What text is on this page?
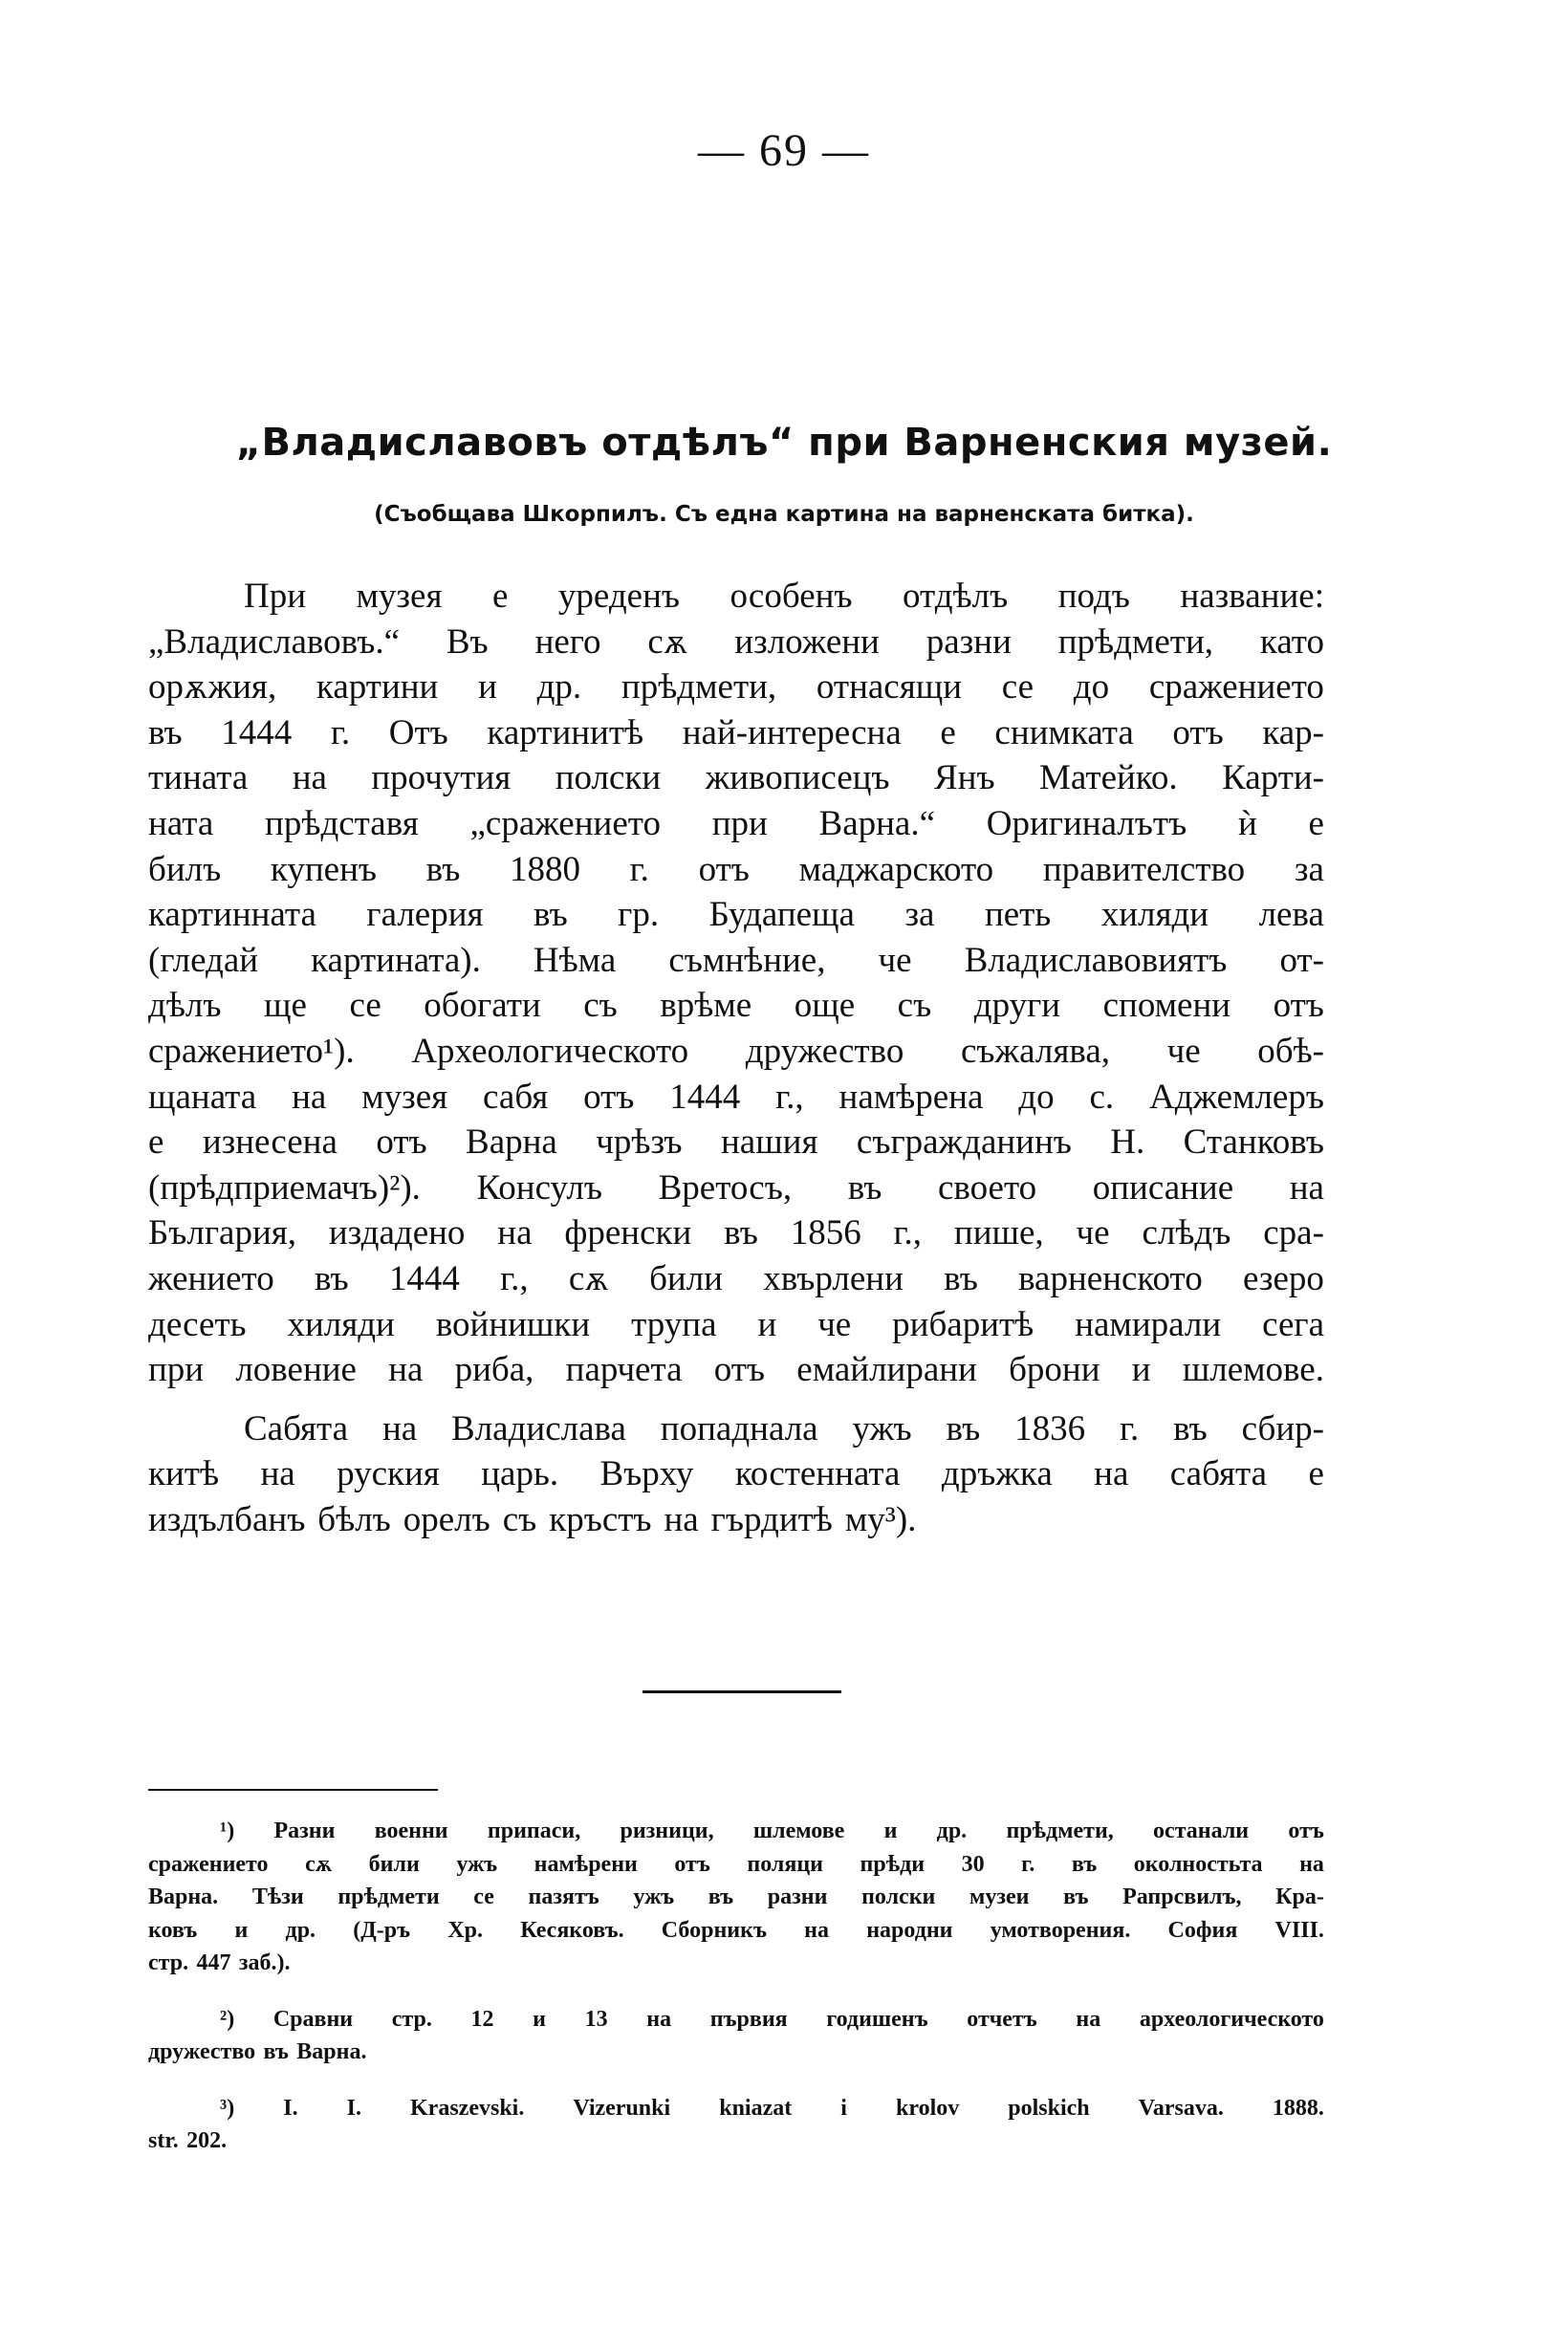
— 69 —
„Владиславовъ отдѣлъ“ при Варненския музей.
(Съобщава Шкорпилъ. Съ една картина на варненската битка).
При музея е уреденъ особенъ отдѣлъ подъ название:
„Владиславовъ.“ Въ него сѫ изложени разни прѣдмети, като
орѫжия, картини и др. прѣдмети, отнасящи се до сражението
въ 1444 г. Отъ картинитѣ най-интересна е снимката отъ кар-
тината на прочутия полски живописецъ Янъ Матейко. Карти-
ната прѣдставя „сражението при Варна.“ Оригиналътъ ѝ е
билъ купенъ въ 1880 г. отъ маджарското правителство за
картинната галерия въ гр. Будапеща за петь хиляди лева
(гледай картината). Нѣма съмнѣние, че Владиславовиятъ от-
дѣлъ ще се обогати съ врѣме още съ други спомени отъ
сражението¹). Археологическото дружество съжалява, че обѣ-
щаната на музея сабя отъ 1444 г., намѣрена до с. Аджемлеръ
е изнесена отъ Варна чрѣзъ нашия съгражданинъ Н. Станковъ
(прѣдприемачъ)²). Консулъ Вретосъ, въ своето описание на
България, издадено на френски въ 1856 г., пише, че слѣдъ сра-
жението въ 1444 г., сѫ били хвърлени въ варненското езеро
десеть хиляди войнишки трупа и че рибаритѣ намирали сега
при ловение на риба, парчета отъ емайлирани брони и шлемове.
Сабята на Владислава попаднала ужъ въ 1836 г. въ сбир-
китѣ на руския царь. Върху костенната дръжка на сабята е
издълбанъ бѣлъ орелъ съ кръстъ на гърдитѣ му³).
¹) Разни военни припаси, ризници, шлемове и др. прѣдмети, останали отъ
сражението сѫ били ужъ намѣрени отъ поляци прѣди 30 г. въ околностьта на
Варна. Тѣзи прѣдмети се пазятъ ужъ въ разни полски музеи въ Рапрсвилъ, Кра-
ковъ и др. (Д-ръ Хр. Кесяковъ. Сборникъ на народни умотворения. София VIII.
стр. 447 заб.).
²) Сравни стр. 12 и 13 на първия годишенъ отчетъ на археологическото
дружество въ Варна.
³) I. I. Kraszevski. Vizerunki kniazat i krolov polskich Varsava. 1888.
str. 202.
